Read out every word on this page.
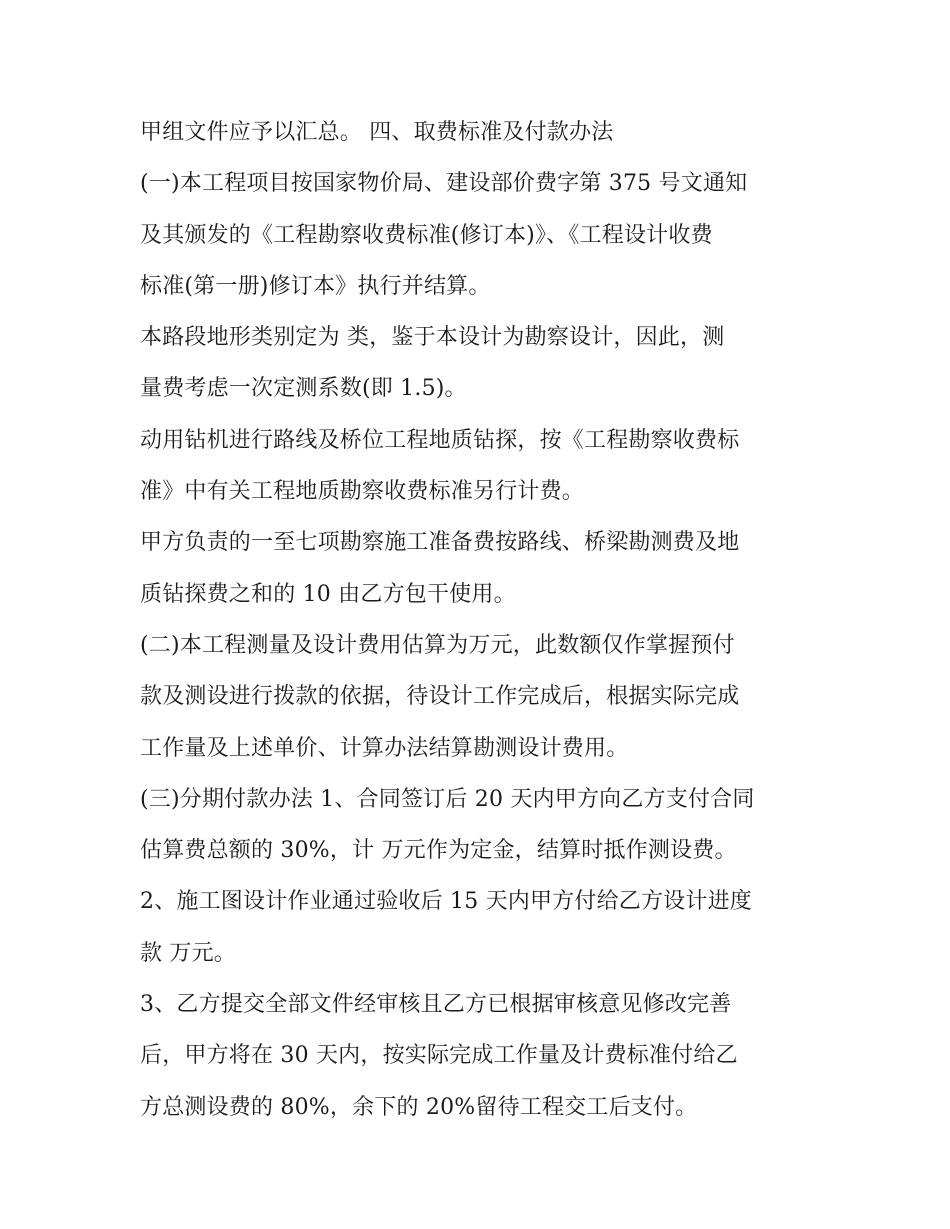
甲组文件应予以汇总。 四、取费标准及付款办法
(一)本工程项目按国家物价局、建设部价费字第 375 号文通知
及其颁发的《工程勘察收费标准(修订本)》、《工程设计收费
标准(第一册)修订本》执行并结算。
本路段地形类别定为 类，鉴于本设计为勘察设计，因此，测
量费考虑一次定测系数(即 1.5)。
动用钻机进行路线及桥位工程地质钻探，按《工程勘察收费标
准》中有关工程地质勘察收费标准另行计费。
甲方负责的一至七项勘察施工准备费按路线、桥梁勘测费及地
质钻探费之和的 10 由乙方包干使用。
(二)本工程测量及设计费用估算为万元，此数额仅作掌握预付
款及测设进行拨款的依据，待设计工作完成后，根据实际完成
工作量及上述单价、计算办法结算勘测设计费用。
(三)分期付款办法 1、合同签订后 20 天内甲方向乙方支付合同
估算费总额的 30%，计 万元作为定金，结算时抵作测设费。
2、施工图设计作业通过验收后 15 天内甲方付给乙方设计进度
款 万元。
3、乙方提交全部文件经审核且乙方已根据审核意见修改完善
后，甲方将在 30 天内，按实际完成工作量及计费标准付给乙
方总测设费的 80%，余下的 20%留待工程交工后支付。
